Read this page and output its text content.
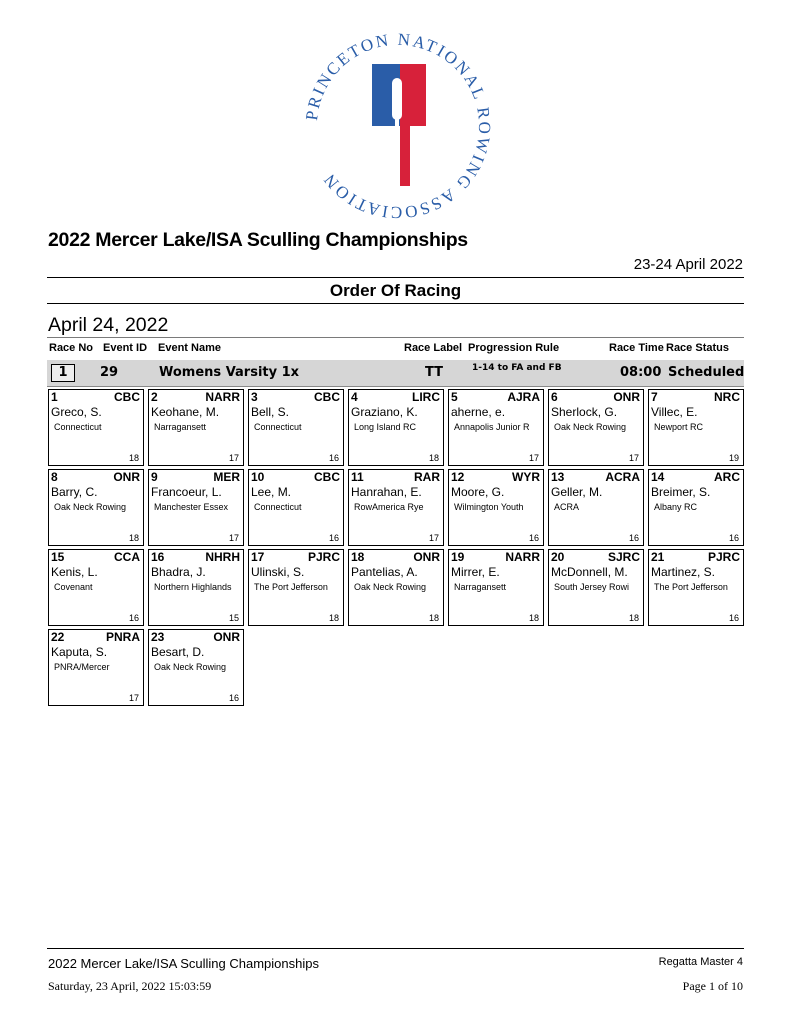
PRINCETON NATIONAL ROWING ASSOCIATION
2022 Mercer Lake/ISA Sculling Championships
23-24 April 2022
Order Of Racing
April 24, 2022
Race No Event ID Event Name	Race Label Progression Rule	Race Time Race Status
1	29	Womens Varsity 1x	TT	1-14 to FA and FB	08:00 Scheduled
1	CBC
Greco, S.
Connecticut
18
2	NARR
Keohane, M.
Narragansett
17
3	CBC
Bell, S.
Connecticut
16
4	LIRC
Graziano, K.
Long Island RC
18
5	AJRA
aherne, e.
Annapolis Junior R
17
6	ONR
Sherlock, G.
Oak Neck Rowing
17
7	NRC
Villec, E.
Newport RC
19
8	ONR
Barry, C.
Oak Neck Rowing
18
9	MER
Francoeur, L.
Manchester Essex
17
10	CBC
Lee, M.
Connecticut
16
11	RAR
Hanrahan, E.
RowAmerica Rye
17
12	WYR
Moore, G.
Wilmington Youth
16
13	ACRA
Geller, M.
ACRA
16
14	ARC
Breimer, S.
Albany RC
16
15	CCA
Kenis, L.
Covenant
16
16	NHRH
Bhadra, J.
Northern Highlands
15
17	PJRC
Ulinski, S.
The Port Jefferson
18
18	ONR
Pantelias, A.
Oak Neck Rowing
18
19	NARR
Mirrer, E.
Narragansett
18
20	SJRC
McDonnell, M.
South Jersey Rowi
18
21	PJRC
Martinez, S.
The Port Jefferson
16
22	PNRA
Kaputa, S.
PNRA/Mercer
17
23	ONR
Besart, D.
Oak Neck Rowing
16
2022 Mercer Lake/ISA Sculling Championships	Regatta Master 4
Saturday, 23 April, 2022 15:03:59	Page 1 of 10
